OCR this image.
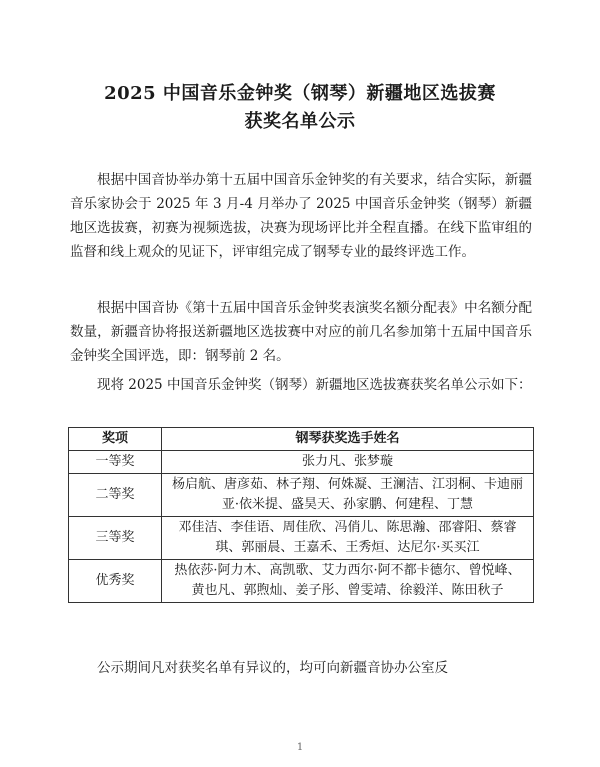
2025 中国音乐金钟奖（钢琴）新疆地区选拔赛
获奖名单公示
根据中国音协举办第十五届中国音乐金钟奖的有关要求，结合实际，新疆音乐家协会于 2025 年 3 月-4 月举办了 2025 中国音乐金钟奖（钢琴）新疆地区选拔赛，初赛为视频选拔，决赛为现场评比并全程直播。在线下监审组的监督和线上观众的见证下，评审组完成了钢琴专业的最终评选工作。
根据中国音协《第十五届中国音乐金钟奖表演奖名额分配表》中名额分配数量，新疆音协将报送新疆地区选拔赛中对应的前几名参加第十五届中国音乐金钟奖全国评选，即：钢琴前 2 名。
现将 2025 中国音乐金钟奖（钢琴）新疆地区选拔赛获奖名单公示如下：
奖项	钢琴获奖选手姓名
一等奖	张力凡、张梦璇
二等奖	杨启航、唐彦茹、林子翔、何姝凝、王澜洁、江羽桐、卡迪丽亚·依米提、盛昊天、孙家鹏、何建程、丁慧
三等奖	邓佳洁、李佳语、周佳欣、冯俏儿、陈思瀚、邵睿阳、蔡睿琪、郭丽晨、王嘉禾、王秀烜、达尼尔·买买江
优秀奖	热依莎·阿力木、高凯歌、艾力西尔·阿不都卡德尔、曾悦峰、黄也凡、郭煦灿、姜子彤、曾雯靖、徐毅洋、陈田秋子
公示期间凡对获奖名单有异议的，均可向新疆音协办公室反
1
